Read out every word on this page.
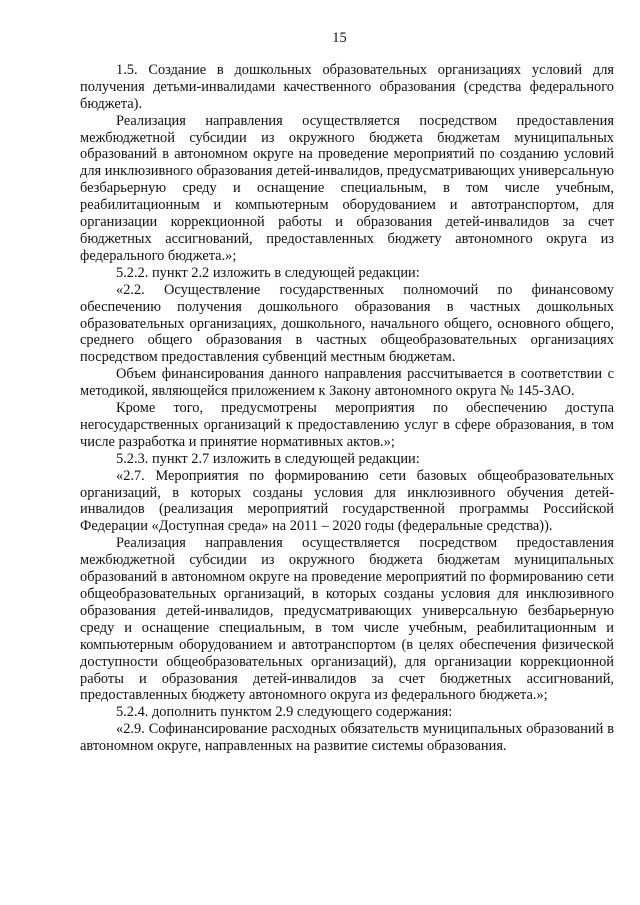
15

1.5. Создание в дошкольных образовательных организациях условий для получения детьми-инвалидами качественного образования (средства федерального бюджета).

Реализация направления осуществляется посредством предоставления межбюджетной субсидии из окружного бюджета бюджетам муниципальных образований в автономном округе на проведение мероприятий по созданию условий для инклюзивного образования детей-инвалидов, предусматривающих универсальную безбарьерную среду и оснащение специальным, в том числе учебным, реабилитационным и компьютерным оборудованием и автотранспортом, для организации коррекционной работы и образования детей-инвалидов за счет бюджетных ассигнований, предоставленных бюджету автономного округа из федерального бюджета.»;

5.2.2. пункт 2.2 изложить в следующей редакции:

«2.2. Осуществление государственных полномочий по финансовому обеспечению получения дошкольного образования в частных дошкольных образовательных организациях, дошкольного, начального общего, основного общего, среднего общего образования в частных общеобразовательных организациях посредством предоставления субвенций местным бюджетам.

Объем финансирования данного направления рассчитывается в соответствии с методикой, являющейся приложением к Закону автономного округа № 145-ЗАО.

Кроме того, предусмотрены мероприятия по обеспечению доступа негосударственных организаций к предоставлению услуг в сфере образования, в том числе разработка и принятие нормативных актов.»;

5.2.3. пункт 2.7 изложить в следующей редакции:

«2.7. Мероприятия по формированию сети базовых общеобразовательных организаций, в которых созданы условия для инклюзивного обучения детей-инвалидов (реализация мероприятий государственной программы Российской Федерации «Доступная среда» на 2011 – 2020 годы (федеральные средства)).

Реализация направления осуществляется посредством предоставления межбюджетной субсидии из окружного бюджета бюджетам муниципальных образований в автономном округе на проведение мероприятий по формированию сети общеобразовательных организаций, в которых созданы условия для инклюзивного образования детей-инвалидов, предусматривающих универсальную безбарьерную среду и оснащение специальным, в том числе учебным, реабилитационным и компьютерным оборудованием и автотранспортом (в целях обеспечения физической доступности общеобразовательных организаций), для организации коррекционной работы и образования детей-инвалидов за счет бюджетных ассигнований, предоставленных бюджету автономного округа из федерального бюджета.»;

5.2.4. дополнить пунктом 2.9 следующего содержания:

«2.9. Софинансирование расходных обязательств муниципальных образований в автономном округе, направленных на развитие системы образования.
